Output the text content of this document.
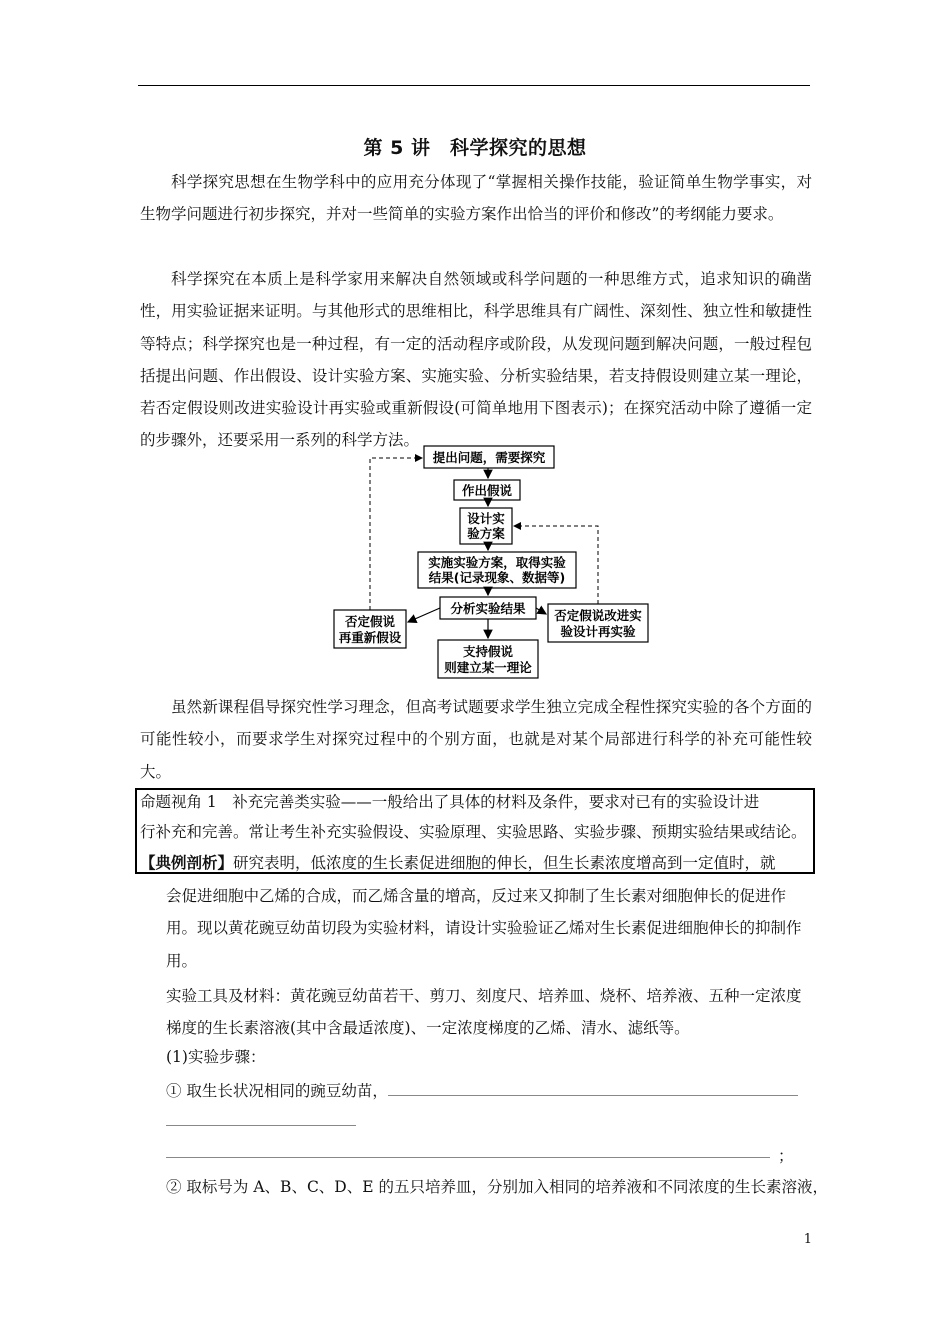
第 5 讲　科学探究的思想

科学探究思想在生物学科中的应用充分体现了“掌握相关操作技能，验证简单生物学事实，对生物学问题进行初步探究，并对一些简单的实验方案作出恰当的评价和修改”的考纲能力要求。

科学探究在本质上是科学家用来解决自然领域或科学问题的一种思维方式，追求知识的确凿性，用实验证据来证明。与其他形式的思维相比，科学思维具有广阔性、深刻性、独立性和敏捷性等特点；科学探究也是一种过程，有一定的活动程序或阶段，从发现问题到解决问题，一般过程包括提出问题、作出假设、设计实验方案、实施实验、分析实验结果，若支持假设则建立某一理论，若否定假设则改进实验设计再实验或重新假设(可简单地用下图表示)；在探究活动中除了遵循一定的步骤外，还要采用一系列的科学方法。

提出问题，需要探究
作出假说
设计实
验方案
实施实验方案，取得实验
结果(记录现象、数据等)
分析实验结果
否定假说
再重新假设
否定假说改进实
验设计再实验
支持假说
则建立某一理论

虽然新课程倡导探究性学习理念，但高考试题要求学生独立完成全程性探究实验的各个方面的可能性较小，而要求学生对探究过程中的个别方面，也就是对某个局部进行科学的补充可能性较大。

命题视角 1　补充完善类实验——一般给出了具体的材料及条件，要求对已有的实验设计进

行补充和完善。常让考生补充实验假设、实验原理、实验思路、实验步骤、预期实验结果或结论。

【典例剖析】研究表明，低浓度的生长素促进细胞的伸长，但生长素浓度增高到一定值时，就

会促进细胞中乙烯的合成，而乙烯含量的增高，反过来又抑制了生长素对细胞伸长的促进作用。现以黄花豌豆幼苗切段为实验材料，请设计实验验证乙烯对生长素促进细胞伸长的抑制作用。

实验工具及材料：黄花豌豆幼苗若干、剪刀、刻度尺、培养皿、烧杯、培养液、五种一定浓度梯度的生长素溶液(其中含最适浓度)、一定浓度梯度的乙烯、清水、滤纸等。

(1)实验步骤：

① 取生长状况相同的豌豆幼苗，

；

② 取标号为 A、B、C、D、E 的五只培养皿，分别加入相同的培养液和不同浓度的生长素溶液，

1
